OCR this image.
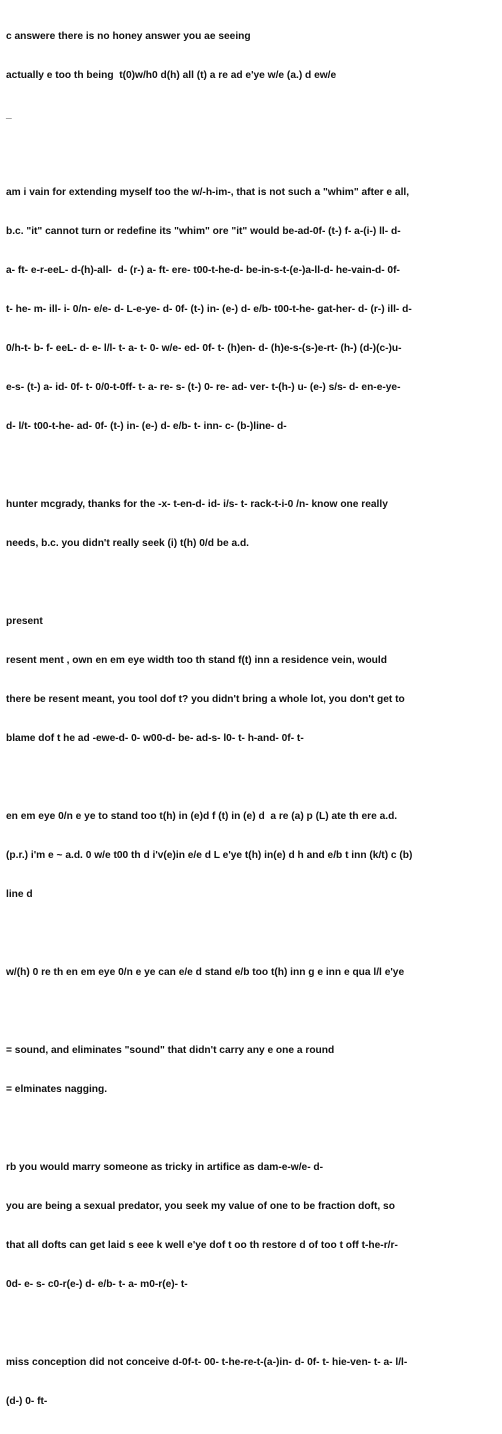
c answere there is no honey answer you ae seeing

actually e too th being  t(0)w/h0 d(h) all (t) a re ad e'ye w/e (a.) d ew/e

_

am i vain for extending myself too the w/-h-im-, that is not such a "whim" after e all,

b.c. "it" cannot turn or redefine its "whim" ore "it" would be-ad-0f- (t-) f- a-(i-) ll- d-

a- ft- e-r-eeL- d-(h)-all-  d- (r-) a- ft- ere- t00-t-he-d- be-in-s-t-(e-)a-ll-d- he-vain-d- 0f-

t- he- m- ill- i- 0/n- e/e- d- L-e-ye- d- 0f- (t-) in- (e-) d- e/b- t00-t-he- gat-her- d- (r-) ill- d-

0/h-t- b- f- eeL- d- e- l/l- t- a- t- 0- w/e- ed- 0f- t- (h)en- d- (h)e-s-(s-)e-rt- (h-) (d-)(c-)u-

e-s- (t-) a- id- 0f- t- 0/0-t-0ff- t- a- re- s- (t-) 0- re- ad- ver- t-(h-) u- (e-) s/s- d- en-e-ye-

d- l/t- t00-t-he- ad- 0f- (t-) in- (e-) d- e/b- t- inn- c- (b-)line- d-

hunter mcgrady, thanks for the -x- t-en-d- id- i/s- t- rack-t-i-0 /n- know one really

needs, b.c. you didn't really seek (i) t(h) 0/d be a.d.

present

resent ment , own en em eye width too th stand f(t) inn a residence vein, would

there be resent meant, you tool dof t? you didn't bring a whole lot, you don't get to

blame dof t he ad -ewe-d- 0- w00-d- be- ad-s- l0- t- h-and- 0f- t-

en em eye 0/n e ye to stand too t(h) in (e)d f (t) in (e) d  a re (a) p (L) ate th ere a.d.

(p.r.) i'm e ~ a.d. 0 w/e t00 th d i'v(e)in e/e d L e'ye t(h) in(e) d h and e/b t inn (k/t) c (b)

line d

w/(h) 0 re th en em eye 0/n e ye can e/e d stand e/b too t(h) inn g e inn e qua l/l e'ye

= sound, and eliminates "sound" that didn't carry any e one a round

= elminates nagging.

rb you would marry someone as tricky in artifice as dam-e-w/e- d-

you are being a sexual predator, you seek my value of one to be fraction doft, so

that all dofts can get laid s eee k well e'ye dof t oo th restore d of too t off t-he-r/r-

0d- e- s- c0-r(e-) d- e/b- t- a- m0-r(e)- t-

miss conception did not conceive d-0f-t- 00- t-he-re-t-(a-)in- d- 0f- t- hie-ven- t- a- l/l-

(d-) 0- ft-
